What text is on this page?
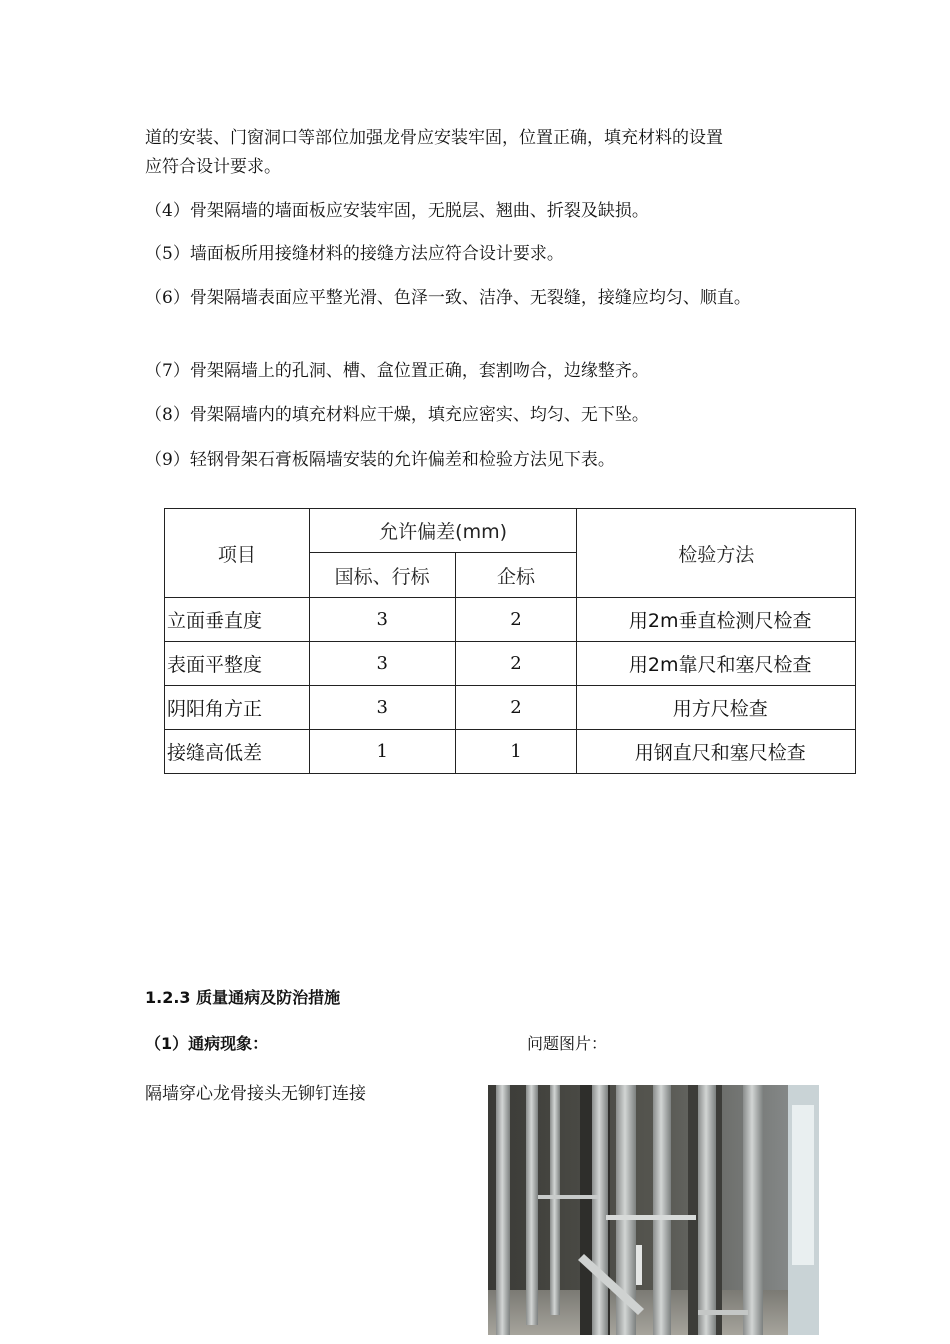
道的安装、门窗洞口等部位加强龙骨应安装牢固，位置正确，填充材料的设置
应符合设计要求。

（4）骨架隔墙的墙面板应安装牢固，无脱层、翘曲、折裂及缺损。

（5）墙面板所用接缝材料的接缝方法应符合设计要求。

（6）骨架隔墙表面应平整光滑、色泽一致、洁净、无裂缝，接缝应均匀、顺直。

（7）骨架隔墙上的孔洞、槽、盒位置正确，套割吻合，边缘整齐。

（8）骨架隔墙内的填充材料应干燥，填充应密实、均匀、无下坠。

（9）轻钢骨架石膏板隔墙安装的允许偏差和检验方法见下表。

项目	允许偏差(mm)		检验方法
	国标、行标	企标	
立面垂直度	3	2	用2m垂直检测尺检查
表面平整度	3	2	用2m靠尺和塞尺检查
阴阳角方正	3	2	用方尺检查
接缝高低差	1	1	用钢直尺和塞尺检查

1.2.3 质量通病及防治措施

（1）通病现象：	问题图片：

隔墙穿心龙骨接头无铆钉连接
